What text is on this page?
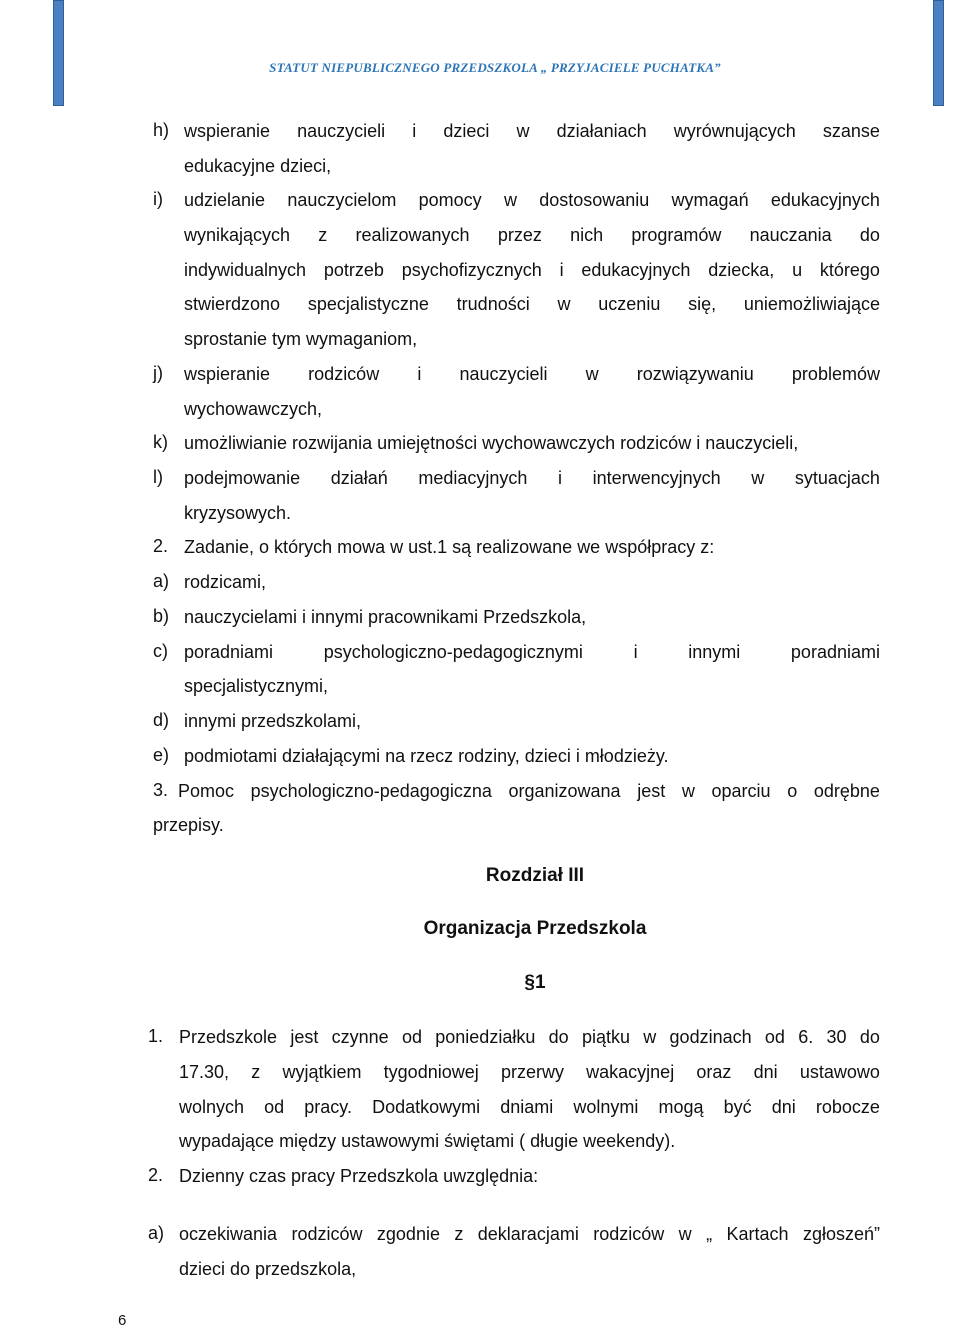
STATUT NIEPUBLICZNEGO PRZEDSZKOLA „ PRZYJACIELE PUCHATKA”
h) wspieranie nauczycieli i dzieci w działaniach wyrównujących szanse
edukacyjne dzieci,
i) udzielanie nauczycielom pomocy w dostosowaniu wymagań edukacyjnych
wynikających z realizowanych przez nich programów nauczania do
indywidualnych potrzeb psychofizycznych i edukacyjnych dziecka, u którego
stwierdzono specjalistyczne trudności w uczeniu się, uniemożliwiające
sprostanie tym wymaganiom,
j) wspieranie rodziców i nauczycieli w rozwiązywaniu problemów
wychowawczych,
k) umożliwianie rozwijania umiejętności wychowawczych rodziców i nauczycieli,
l) podejmowanie działań mediacyjnych i interwencyjnych w sytuacjach
kryzysowych.
2. Zadanie, o których mowa w ust.1 są realizowane we współpracy z:
a) rodzicami,
b) nauczycielami i innymi pracownikami Przedszkola,
c) poradniami	psychologiczno-pedagogicznymi	i	innymi	poradniami
specjalistycznymi,
d) innymi przedszkolami,
e) podmiotami działającymi na rzecz rodziny, dzieci i młodzieży.
3. Pomoc psychologiczno-pedagogiczna organizowana jest w oparciu o odrębne
przepisy.
Rozdział III
Organizacja Przedszkola
§1
1. Przedszkole jest czynne od poniedziałku do piątku w godzinach od 6. 30 do
17.30, z wyjątkiem tygodniowej przerwy wakacyjnej oraz dni ustawowo
wolnych od pracy. Dodatkowymi dniami wolnymi mogą być dni robocze
wypadające między ustawowymi świętami ( długie weekendy).
2. Dzienny czas pracy Przedszkola uwzględnia:
a) oczekiwania rodziców zgodnie z deklaracjami rodziców w „ Kartach zgłoszeń”
dzieci do przedszkola,
6
